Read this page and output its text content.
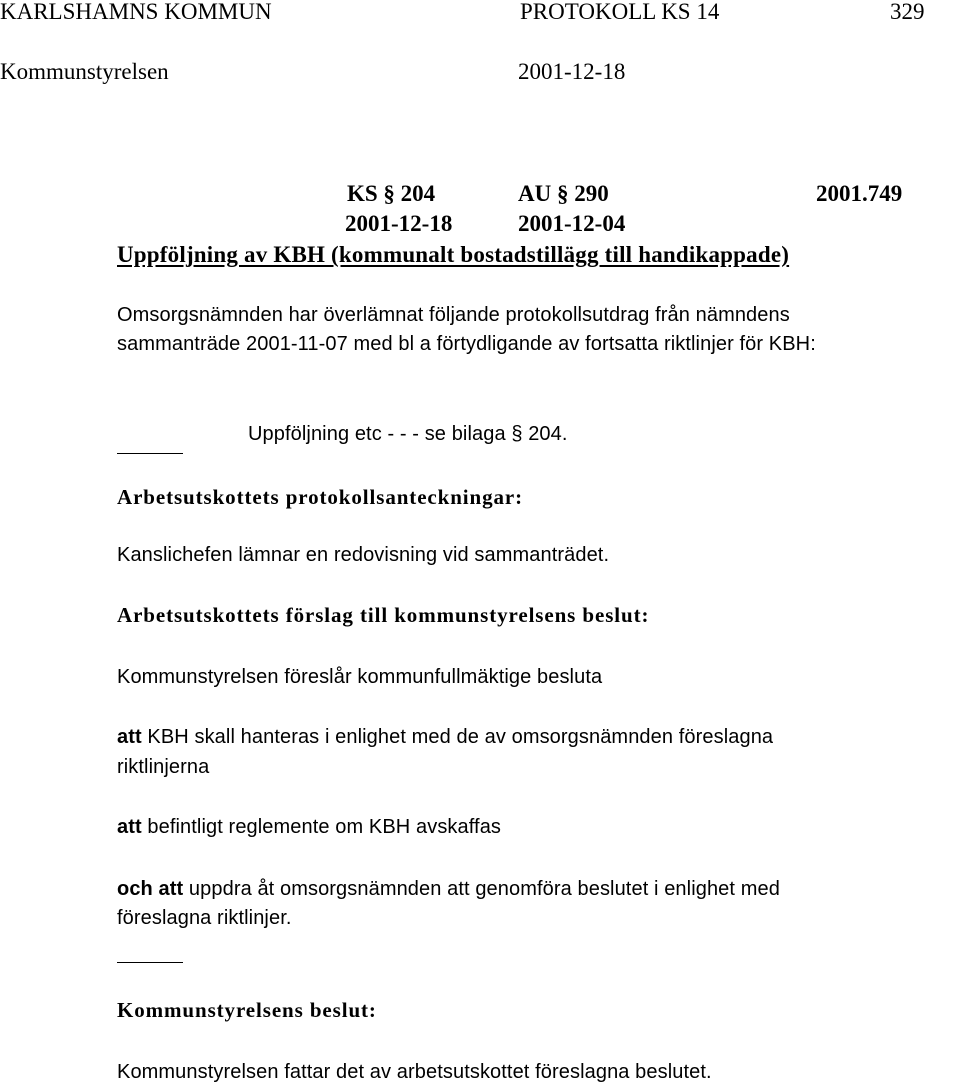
KARLSHAMNS KOMMUN	PROTOKOLL KS 14	329
Kommunstyrelsen	2001-12-18
KS § 204	AU § 290	2001.749
2001-12-18	2001-12-04
Uppföljning av KBH (kommunalt bostadstillägg till handikappade)
Omsorgsnämnden har överlämnat följande protokollsutdrag från nämndens
sammanträde 2001-11-07 med bl a förtydligande av fortsatta riktlinjer för KBH:
Uppföljning etc - - - se bilaga § 204.
Arbetsutskottets protokollsanteckningar:
Kanslichefen lämnar en redovisning vid sammanträdet.
Arbetsutskottets förslag till kommunstyrelsens beslut:
Kommunstyrelsen föreslår kommunfullmäktige besluta
att KBH skall hanteras i enlighet med de av omsorgsnämnden föreslagna
riktlinjerna
att befintligt reglemente om KBH avskaffas
och att uppdra åt omsorgsnämnden att genomföra beslutet i enlighet med
föreslagna riktlinjer.
Kommunstyrelsens beslut:
Kommunstyrelsen fattar det av arbetsutskottet föreslagna beslutet.
